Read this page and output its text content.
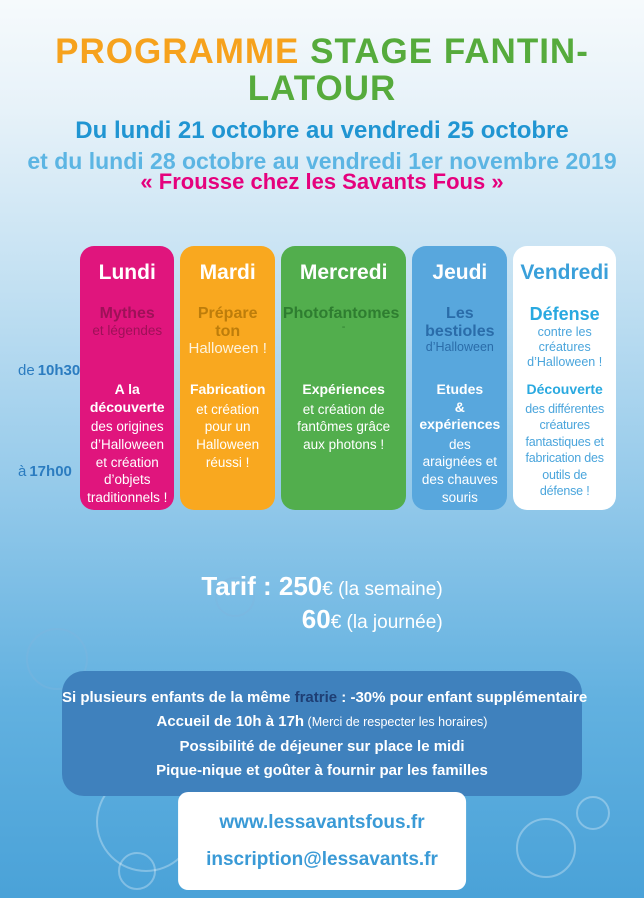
PROGRAMME STAGE FANTIN-LATOUR
Du lundi 21 octobre au vendredi 25 octobre
et du lundi 28 octobre au vendredi 1er novembre 2019
« Frousse chez les Savants Fous »
de 10h30
à 17h00
Lundi
Mythes
et légendes
A la découverte
des origines d’Halloween et création d’objets traditionnels !
Mardi
Prépare ton
Halloween !
Fabrication
et création pour un Halloween réussi !
Mercredi
Photofantomes
-
Expériences
et création de fantômes grâce aux photons !
Jeudi
Les bestioles
d’Halloween
Etudes
& expériences
des araignées et des chauves souris
Vendredi
Défense
contre les créatures d’Halloween !
Découverte
des différentes créatures fantastiques et fabrication des outils de défense !
Tarif : 250€ (la semaine)
60€ (la journée)
Si plusieurs enfants de la même fratrie : -30% pour enfant supplémentaire
Accueil de 10h à 17h (Merci de respecter les horaires)
Possibilité de déjeuner sur place le midi
Pique-nique et goûter à fournir par les familles
www.lessavantsfous.fr
inscription@lessavants.fr
